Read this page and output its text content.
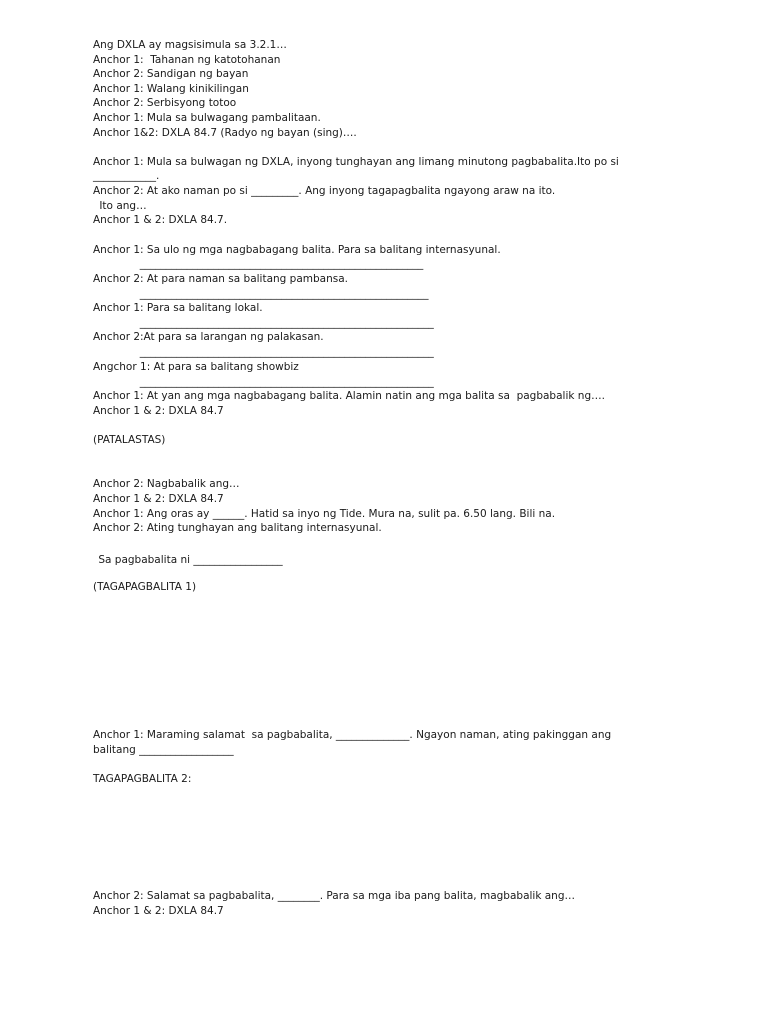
Ang DXLA ay magsisimula sa 3.2.1…

Anchor 1:  Tahanan ng katotohanan

Anchor 2: Sandigan ng bayan

Anchor 1: Walang kinikilingan

Anchor 2: Serbisyong totoo

Anchor 1: Mula sa bulwagang pambalitaan.

Anchor 1&2: DXLA 84.7 (Radyo ng bayan (sing)….

Anchor 1: Mula sa bulwagan ng DXLA, inyong tunghayan ang limang minutong pagbabalita.Ito po si

____________.

Anchor 2: At ako naman po si _________. Ang inyong tagapagbalita ngayong araw na ito.

Ito ang…

Anchor 1 & 2: DXLA 84.7.

Anchor 1: Sa ulo ng mga nagbabagang balita. Para sa balitang internasyunal.

______________________________________________________

Anchor 2: At para naman sa balitang pambansa.

_______________________________________________________

Anchor 1: Para sa balitang lokal.

________________________________________________________

Anchor 2:At para sa larangan ng palakasan.

________________________________________________________

Angchor 1: At para sa balitang showbiz

________________________________________________________

Anchor 1: At yan ang mga nagbabagang balita. Alamin natin ang mga balita sa  pagbabalik ng….

Anchor 1 & 2: DXLA 84.7

(PATALASTAS)

Anchor 2: Nagbabalik ang…

Anchor 1 & 2: DXLA 84.7

Anchor 1: Ang oras ay ______. Hatid sa inyo ng Tide. Mura na, sulit pa. 6.50 lang. Bili na.

Anchor 2: Ating tunghayan ang balitang internasyunal.

Sa pagbabalita ni _________________

(TAGAPAGBALITA 1)

Anchor 1: Maraming salamat  sa pagbabalita, ______________. Ngayon naman, ating pakinggan ang

balitang __________________

TAGAPAGBALITA 2:

Anchor 2: Salamat sa pagbabalita, ________. Para sa mga iba pang balita, magbabalik ang…

Anchor 1 & 2: DXLA 84.7
